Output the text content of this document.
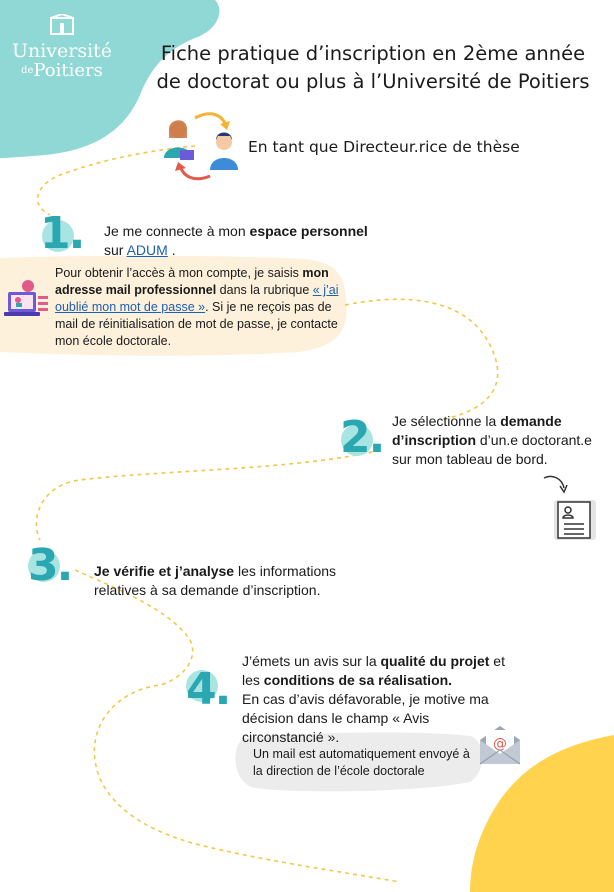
Université
$^{de}$Poitiers
Fiche pratique d’inscription en 2ème année
de doctorat ou plus à l’Université de Poitiers
En tant que Directeur.rice de thèse
1. Je me connecte à mon espace personnel
sur ADUM .
Pour obtenir l’accès à mon compte, je saisis mon adresse mail professionnel dans la rubrique « j’ai oublié mon mot de passe ». Si je ne reçois pas de mail de réinitialisation de mot de passe, je contacte mon école doctorale.
2. Je sélectionne la demande d’inscription d’un.e doctorant.e sur mon tableau de bord.
3. Je vérifie et j’analyse les informations relatives à sa demande d’inscription.
4.
J’émets un avis sur la qualité du projet et les conditions de sa réalisation.
En cas d’avis défavorable, je motive ma décision dans le champ « Avis circonstancié ».
Un mail est automatiquement envoyé à la direction de l’école doctorale
@
